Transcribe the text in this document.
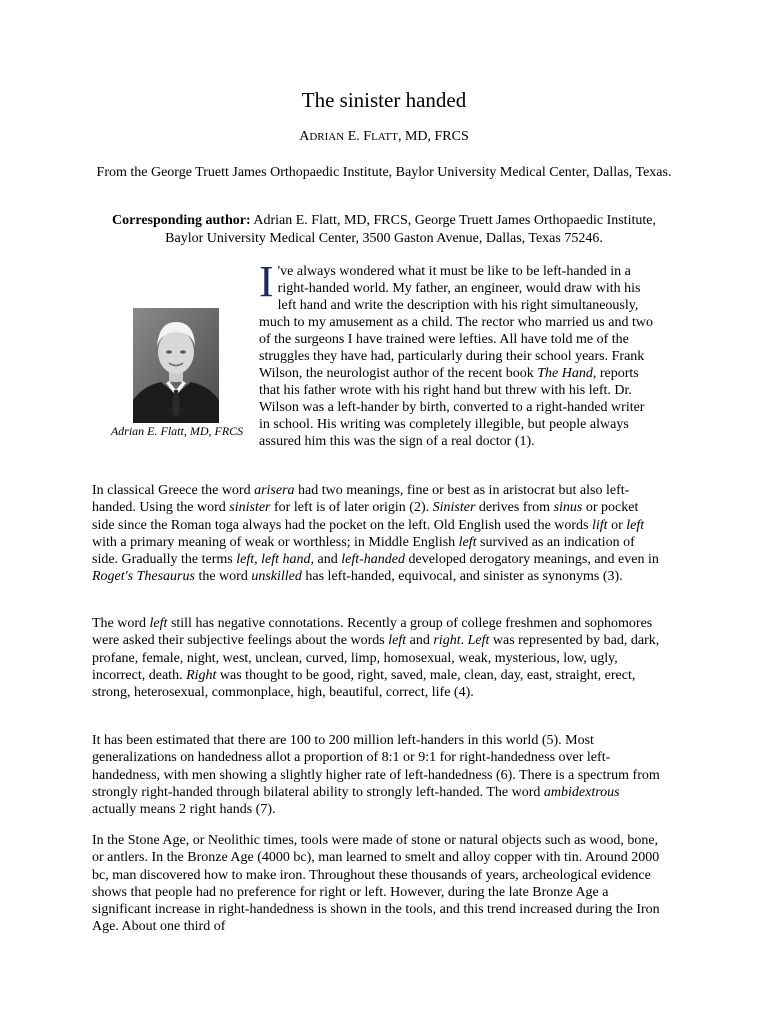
The sinister handed
ADRIAN E. FLATT, MD, FRCS
From the George Truett James Orthopaedic Institute, Baylor University Medical Center, Dallas, Texas.
Corresponding author: Adrian E. Flatt, MD, FRCS, George Truett James Orthopaedic Institute, Baylor University Medical Center, 3500 Gaston Avenue, Dallas, Texas 75246.
Adrian E. Flatt, MD, FRCS
I 've always wondered what it must be like to be left-handed in a right-handed world. My father, an engineer, would draw with his left hand and write the description with his right simultaneously, much to my amusement as a child. The rector who married us and two of the surgeons I have trained were lefties. All have told me of the struggles they have had, particularly during their school years. Frank Wilson, the neurologist author of the recent book The Hand, reports that his father wrote with his right hand but threw with his left. Dr. Wilson was a left-hander by birth, converted to a right-handed writer in school. His writing was completely illegible, but people always assured him this was the sign of a real doctor (1).
In classical Greece the word arisera had two meanings, fine or best as in aristocrat but also left-handed. Using the word sinister for left is of later origin (2). Sinister derives from sinus or pocket side since the Roman toga always had the pocket on the left. Old English used the words lift or left with a primary meaning of weak or worthless; in Middle English left survived as an indication of side. Gradually the terms left, left hand, and left-handed developed derogatory meanings, and even in Roget's Thesaurus the word unskilled has left-handed, equivocal, and sinister as synonyms (3).
The word left still has negative connotations. Recently a group of college freshmen and sophomores were asked their subjective feelings about the words left and right. Left was represented by bad, dark, profane, female, night, west, unclean, curved, limp, homosexual, weak, mysterious, low, ugly, incorrect, death. Right was thought to be good, right, saved, male, clean, day, east, straight, erect, strong, heterosexual, commonplace, high, beautiful, correct, life (4).
It has been estimated that there are 100 to 200 million left-handers in this world (5). Most generalizations on handedness allot a proportion of 8:1 or 9:1 for right-handedness over left-handedness, with men showing a slightly higher rate of left-handedness (6). There is a spectrum from strongly right-handed through bilateral ability to strongly left-handed. The word ambidextrous actually means 2 right hands (7).
In the Stone Age, or Neolithic times, tools were made of stone or natural objects such as wood, bone, or antlers. In the Bronze Age (4000 bc), man learned to smelt and alloy copper with tin. Around 2000 bc, man discovered how to make iron. Throughout these thousands of years, archeological evidence shows that people had no preference for right or left. However, during the late Bronze Age a significant increase in right-handedness is shown in the tools, and this trend increased during the Iron Age. About one third of
